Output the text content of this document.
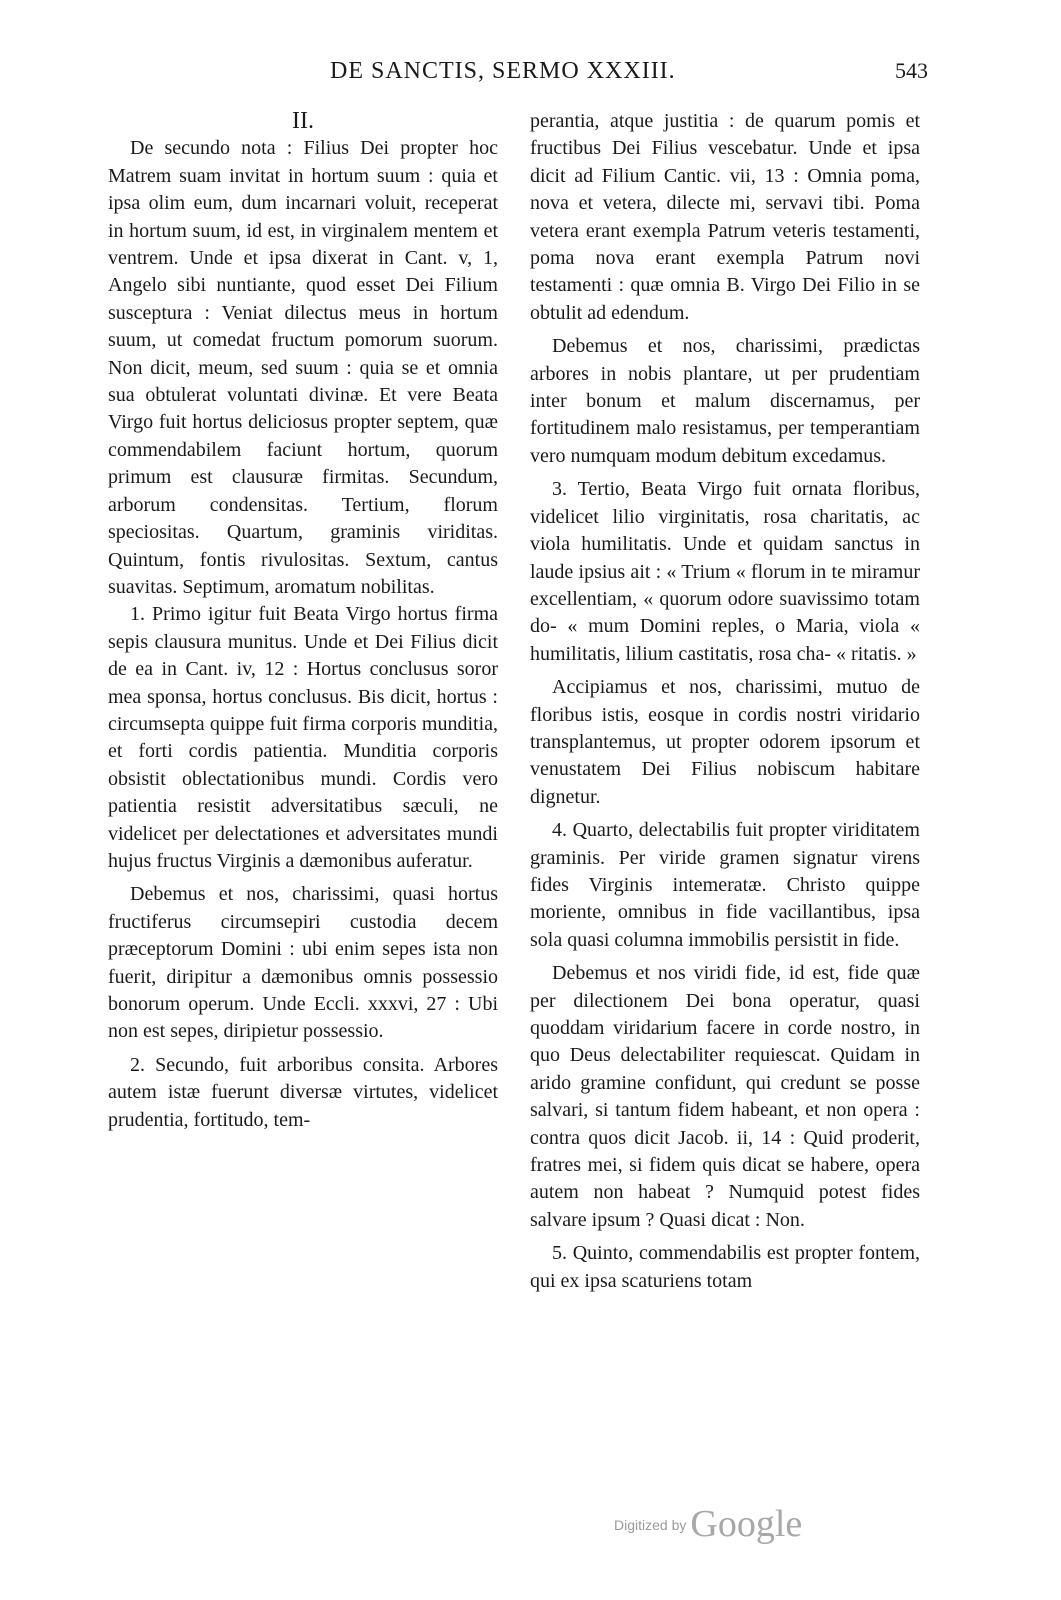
DE SANCTIS, SERMO XXXIII.	543

II.

De secundo nota : Filius Dei propter hoc Matrem suam invitat in hortum suum : quia et ipsa olim eum, dum incarnari voluit, receperat in hortum suum, id est, in virginalem mentem et ventrem. Unde et ipsa dixerat in Cant. v, 1, Angelo sibi nuntiante, quod esset Dei Filium susceptura : Veniat dilectus meus in hortum suum, ut comedat fructum pomorum suorum. Non dicit, meum, sed suum : quia se et omnia sua obtulerat voluntati divinæ. Et vere Beata Virgo fuit hortus deliciosus propter septem, quæ commendabilem faciunt hortum, quorum primum est clausuræ firmitas. Secundum, arborum condensitas. Tertium, florum speciositas. Quartum, graminis viriditas. Quintum, fontis rivulositas. Sextum, cantus suavitas. Septimum, aromatum nobilitas.

1. Primo igitur fuit Beata Virgo hortus firma sepis clausura munitus. Unde et Dei Filius dicit de ea in Cant. iv, 12 : Hortus conclusus soror mea sponsa, hortus conclusus. Bis dicit, hortus : circumsepta quippe fuit firma corporis munditia, et forti cordis patientia. Munditia corporis obsistit oblectationibus mundi. Cordis vero patientia resistit adversitatibus sæculi, ne videlicet per delectationes et adversitates mundi hujus fructus Virginis a dæmonibus auferatur.

Debemus et nos, charissimi, quasi hortus fructiferus circumsepiri custodia decem præceptorum Domini : ubi enim sepes ista non fuerit, diripitur a dæmonibus omnis possessio bonorum operum. Unde Eccli. xxxvi, 27 : Ubi non est sepes, diripietur possessio.

2. Secundo, fuit arboribus consita. Arbores autem istæ fuerunt diversæ virtutes, videlicet prudentia, fortitudo, tem-

perantia, atque justitia : de quarum pomis et fructibus Dei Filius vescebatur. Unde et ipsa dicit ad Filium Cantic. vii, 13 : Omnia poma, nova et vetera, dilecte mi, servavi tibi. Poma vetera erant exempla Patrum veteris testamenti, poma nova erant exempla Patrum novi testamenti : quæ omnia B. Virgo Dei Filio in se obtulit ad edendum.

Debemus et nos, charissimi, prædictas arbores in nobis plantare, ut per prudentiam inter bonum et malum discernamus, per fortitudinem malo resistamus, per temperantiam vero numquam modum debitum excedamus.

3. Tertio, Beata Virgo fuit ornata floribus, videlicet lilio virginitatis, rosa charitatis, ac viola humilitatis. Unde et quidam sanctus in laude ipsius ait : « Trium « florum in te miramur excellentiam, « quorum odore suavissimo totam do- « mum Domini reples, o Maria, viola « humilitatis, lilium castitatis, rosa cha- « ritatis. »

Accipiamus et nos, charissimi, mutuo de floribus istis, eosque in cordis nostri viridario transplantemus, ut propter odorem ipsorum et venustatem Dei Filius nobiscum habitare dignetur.

4. Quarto, delectabilis fuit propter viriditatem graminis. Per viride gramen signatur virens fides Virginis intemeratæ. Christo quippe moriente, omnibus in fide vacillantibus, ipsa sola quasi columna immobilis persistit in fide.

Debemus et nos viridi fide, id est, fide quæ per dilectionem Dei bona operatur, quasi quoddam viridarium facere in corde nostro, in quo Deus delectabiliter requiescat. Quidam in arido gramine confidunt, qui credunt se posse salvari, si tantum fidem habeant, et non opera : contra quos dicit Jacob. ii, 14 : Quid proderit, fratres mei, si fidem quis dicat se habere, opera autem non habeat ? Numquid potest fides salvare ipsum ? Quasi dicat : Non.

5. Quinto, commendabilis est propter fontem, qui ex ipsa scaturiens totam

Digitized by Google
